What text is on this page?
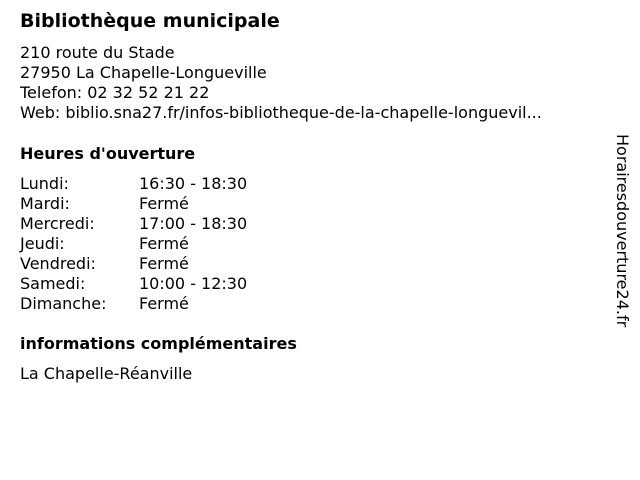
Bibliothèque municipale
210 route du Stade
27950 La Chapelle-Longueville
Telefon: 02 32 52 21 22
Web: biblio.sna27.fr/infos-bibliotheque-de-la-chapelle-longuevil...
Heures d'ouverture
Lundi:	16:30 - 18:30
Mardi:	Fermé
Mercredi:	17:00 - 18:30
Jeudi:	Fermé
Vendredi:	Fermé
Samedi:	10:00 - 12:30
Dimanche:	Fermé
informations complémentaires
La Chapelle-Réanville
Horairesdouverture24.fr
